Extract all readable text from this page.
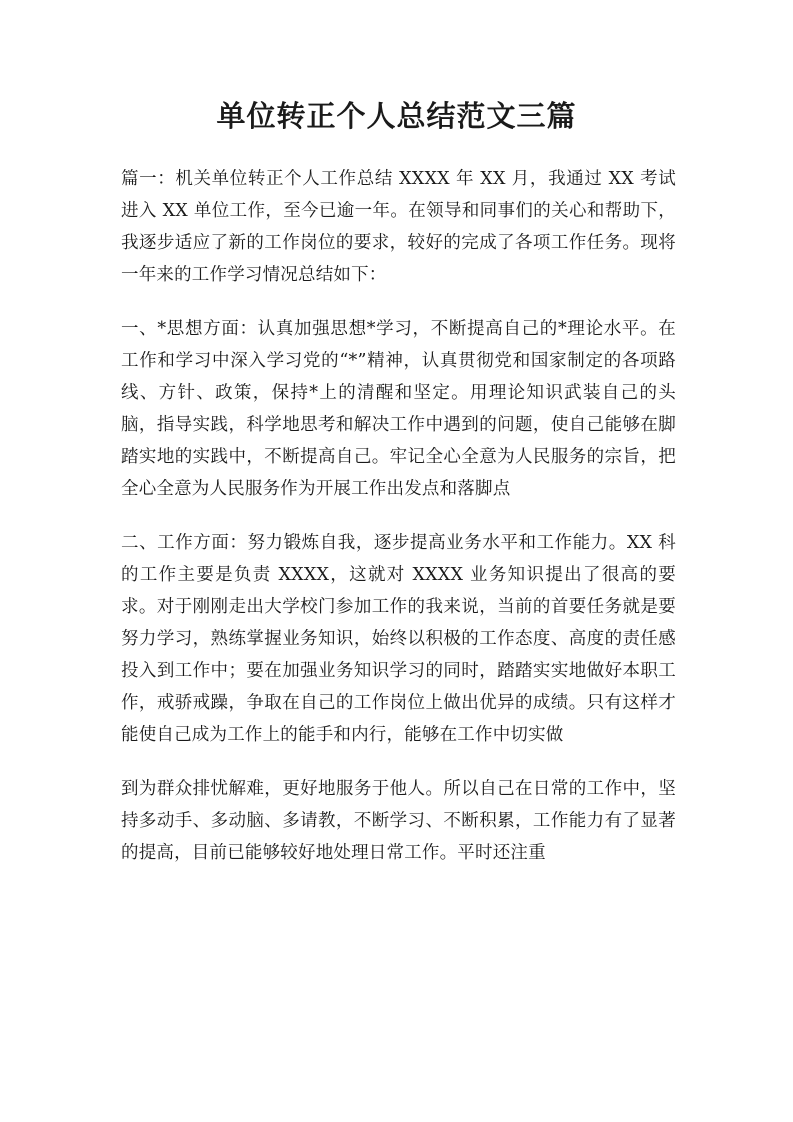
单位转正个人总结范文三篇

篇一：机关单位转正个人工作总结 XXXX 年 XX 月，我通过 XX 考试进入 XX 单位工作，至今已逾一年。在领导和同事们的关心和帮助下，我逐步适应了新的工作岗位的要求，较好的完成了各项工作任务。现将一年来的工作学习情况总结如下：

一、*思想方面：认真加强思想*学习，不断提高自己的*理论水平。在工作和学习中深入学习党的“*”精神，认真贯彻党和国家制定的各项路线、方针、政策，保持*上的清醒和坚定。用理论知识武装自己的头脑，指导实践，科学地思考和解决工作中遇到的问题，使自己能够在脚踏实地的实践中，不断提高自己。牢记全心全意为人民服务的宗旨，把全心全意为人民服务作为开展工作出发点和落脚点

二、工作方面：努力锻炼自我，逐步提高业务水平和工作能力。XX 科的工作主要是负责 XXXX，这就对 XXXX 业务知识提出了很高的要求。对于刚刚走出大学校门参加工作的我来说，当前的首要任务就是要努力学习，熟练掌握业务知识，始终以积极的工作态度、高度的责任感投入到工作中；要在加强业务知识学习的同时，踏踏实实地做好本职工作，戒骄戒躁，争取在自己的工作岗位上做出优异的成绩。只有这样才能使自己成为工作上的能手和内行，能够在工作中切实做

到为群众排忧解难，更好地服务于他人。所以自己在日常的工作中，坚持多动手、多动脑、多请教，不断学习、不断积累，工作能力有了显著的提高，目前已能够较好地处理日常工作。平时还注重
